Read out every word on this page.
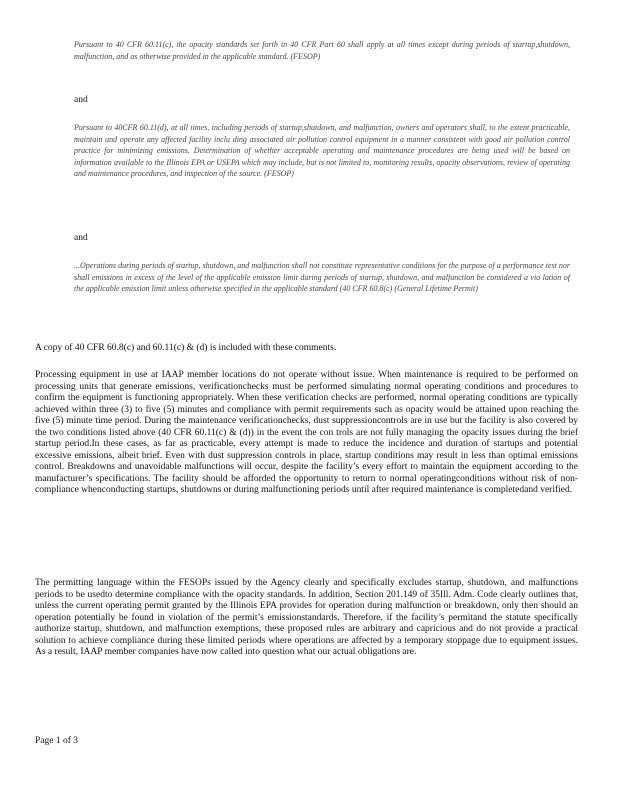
Pursuant to 40 CFR 60.11(c), the opacity standards set forth in 40 CFR Part 60 shall apply at all times except during periods of startup,shutdown, malfunction, and as otherwise provided in the applicable standard. (FESOP)
and
Pursuant to 40CFR 60.11(d), at all times, including periods of startup,shutdown, and malfunction, owners and operators shall, to the extent practicable, maintain and operate any affected facility inclu ding associated air pollution control equipment in a manner consistent with good air pollution control practice for minimizing emissions. Determination of whether acceptable operating and maintenance procedures are being used will be based on information available to the Illinois EPA or USEPA which may include, but is not limited to, monitoring results, opacity observations, review of operating and maintenance procedures, and inspection of the source. (FESOP)
and
...Operations during periods of startup, shutdown, and malfunction shall not constitute representative conditions for the purpose of a performance test nor shall emissions in excess of the level of the applicable emission limit during periods of startup, shutdown, and malfunction be considered a vio lation of the applicable emission limit unless otherwise specified in the applicable standard (40 CFR 60.8(c) (General Lifetime Permit)
A copy of 40 CFR 60.8(c) and 60.11(c) & (d) is included with these comments.
Processing equipment in use at IAAP member locations do not operate without issue. When maintenance is required to be performed on processing units that generate emissions, verificationchecks must be performed simulating normal operating conditions and procedures to confirm the equipment is functioning appropriately. When these verification checks are performed, normal operating conditions are typically achieved within three (3) to five (5) minutes and compliance with permit requirements such as opacity would be attained upon reaching the five (5) minute time period. During the maintenance verificationchecks, dust suppressioncontrols are in use but the facility is also covered by the two conditions listed above (40 CFR 60.11(c) & (d)) in the event the con trols are not fully managing the opacity issues during the brief startup period.In these cases, as far as practicable, every attempt is made to reduce the incidence and duration of startups and potential excessive emissions, albeit brief. Even with dust suppression controls in place, startup conditions may result in less than optimal emissions control. Breakdowns and unavoidable malfunctions will occur, despite the facility’s every effort to maintain the equipment according to the manufacturer’s specifications. The facility should be afforded the opportunity to return to normal operatingconditions without risk of non-compliance whenconducting startups, shutdowns or during malfunctioning periods until after required maintenance is completedand verified.
The permitting language within the FESOPs issued by the Agency clearly and specifically excludes startup, shutdown, and malfunctions periods to be usedto determine compliance with the opacity standards. In addition, Section 201.149 of 35Ill. Adm. Code clearly outlines that, unless the current operating permit granted by the Illinois EPA provides for operation during malfunction or breakdown, only then should an operation potentially be found in violation of the permit’s emissionstandards. Therefore, if the facility’s permitand the statute specifically authorize startup, shutdown, and malfunction exemptions, these proposed rules are arbitrary and capricious and do not provide a practical solution to achieve compliance during these limited periods where operations are affected by a temporary stoppage due to equipment issues. As a result, IAAP member companies have now called into question what our actual obligations are.
Page 1 of 3
